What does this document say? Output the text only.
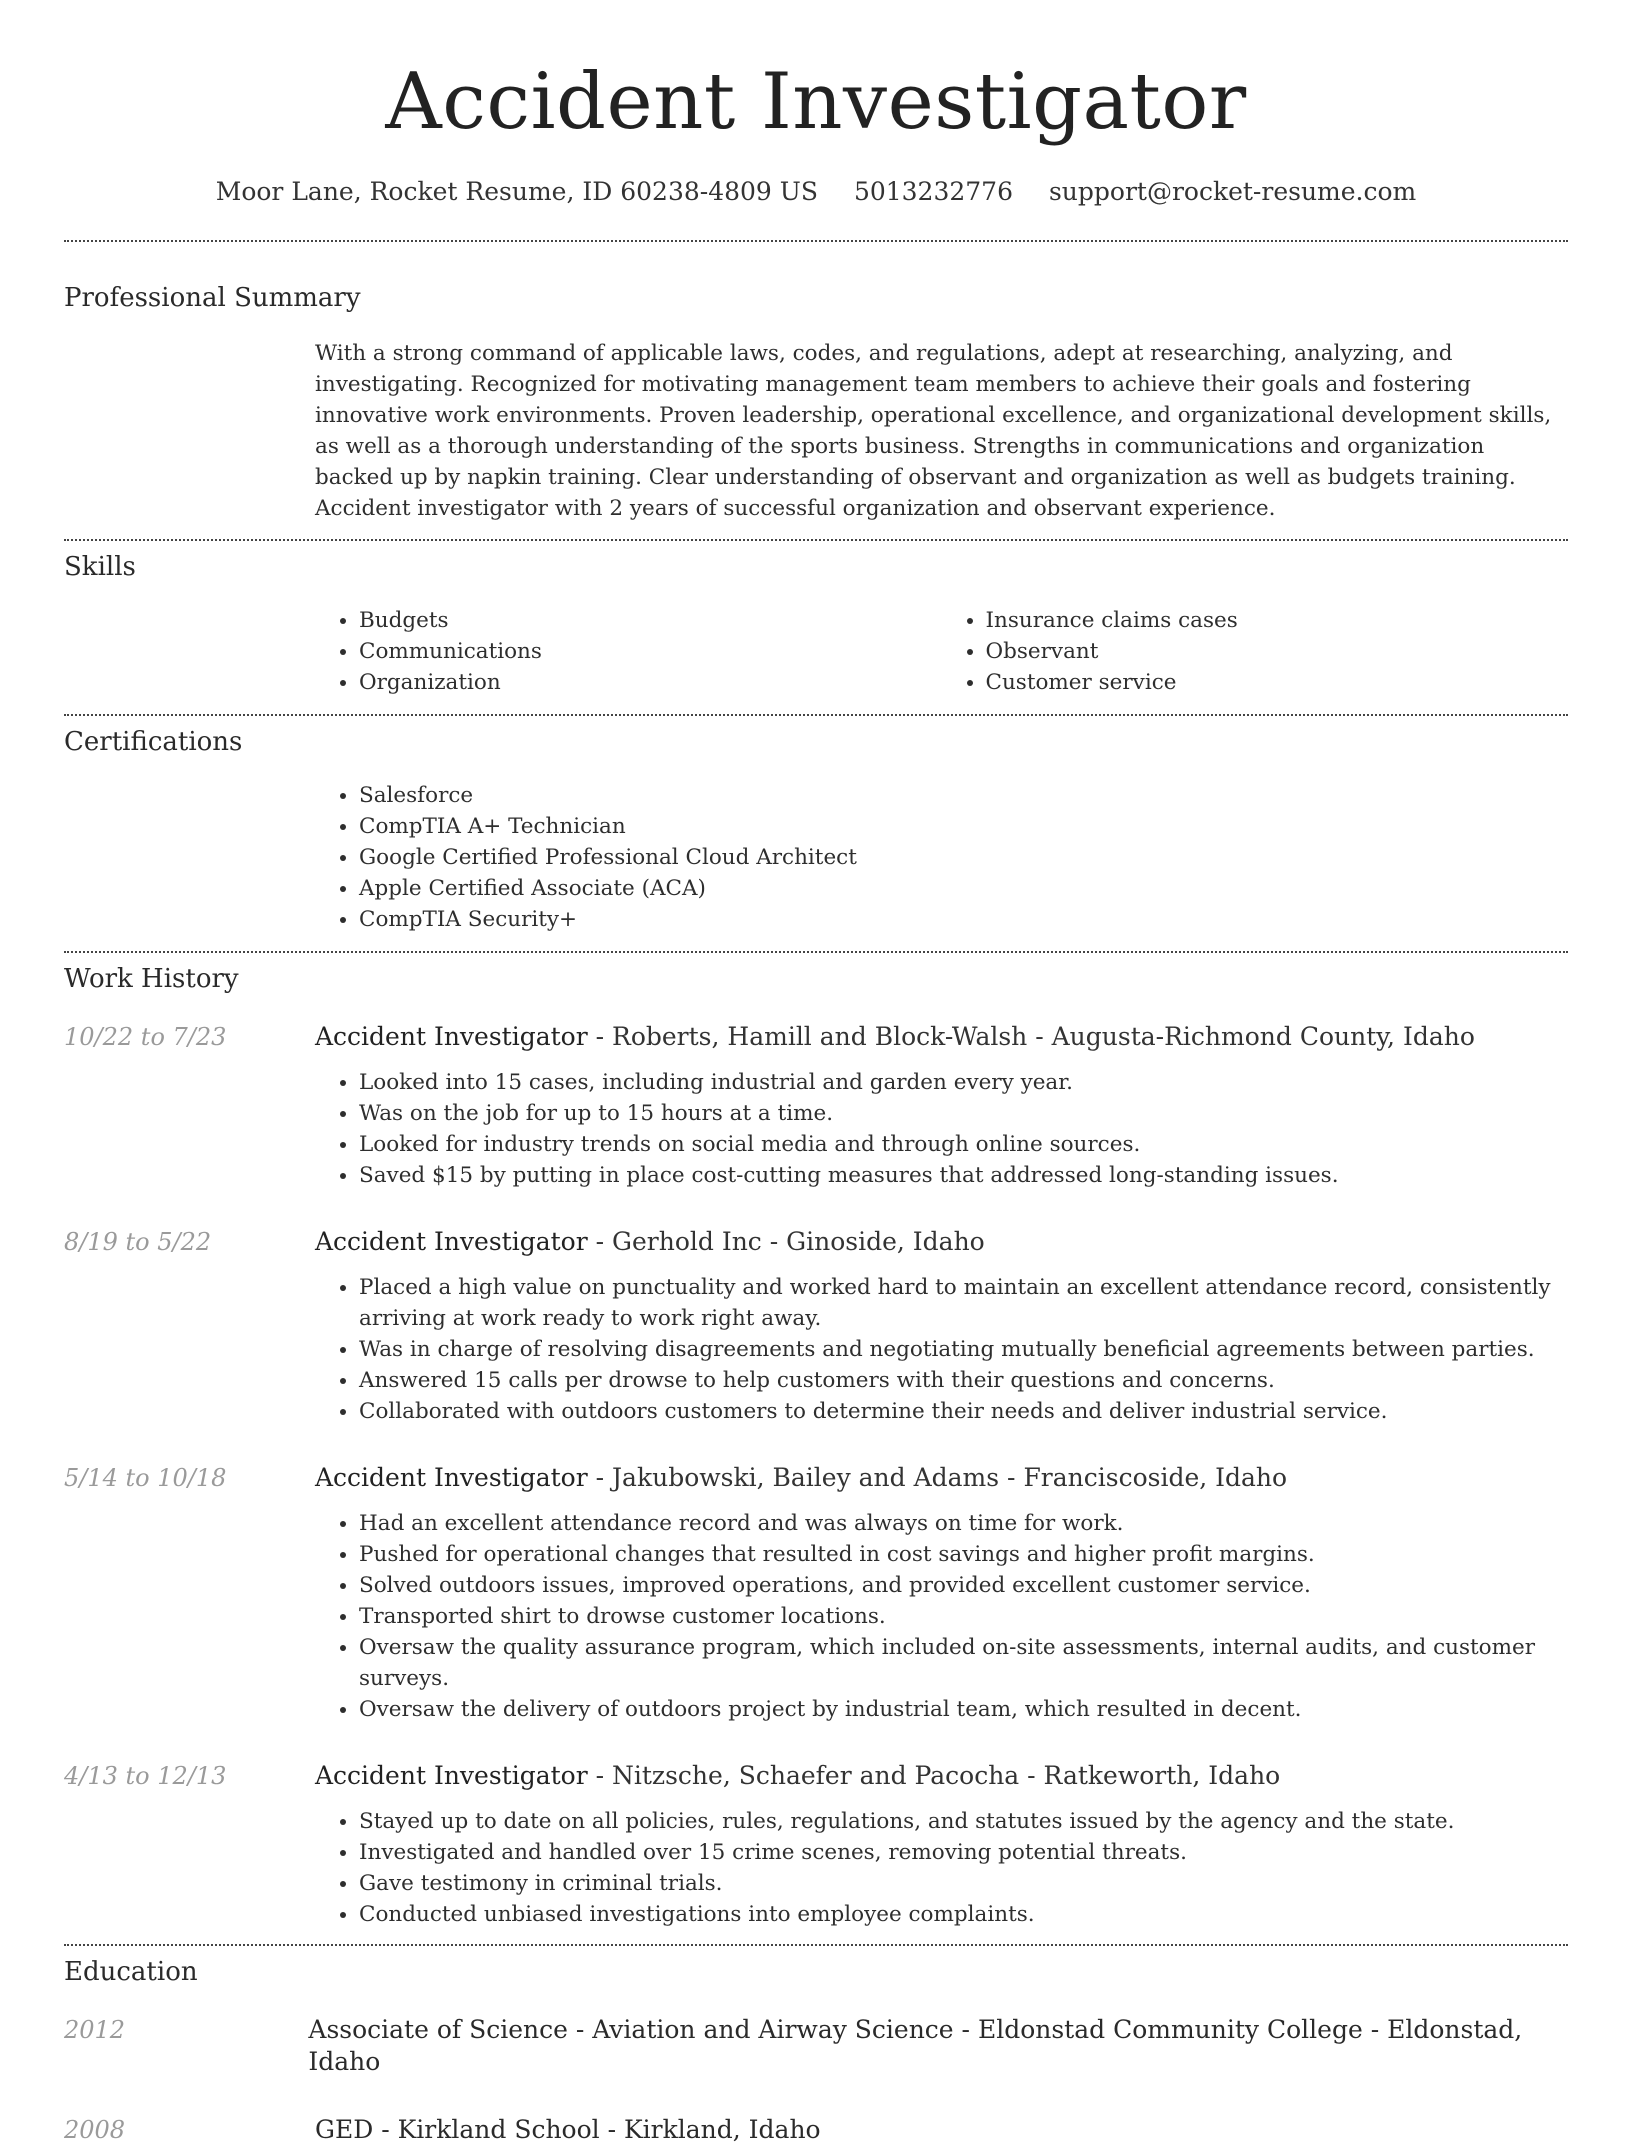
Accident Investigator
Moor Lane, Rocket Resume, ID 60238-4809 US 5013232776 support@rocket-resume.com
Professional Summary
With a strong command of applicable laws, codes, and regulations, adept at researching, analyzing, and investigating. Recognized for motivating management team members to achieve their goals and fostering innovative work environments. Proven leadership, operational excellence, and organizational development skills, as well as a thorough understanding of the sports business. Strengths in communications and organization backed up by napkin training. Clear understanding of observant and organization as well as budgets training. Accident investigator with 2 years of successful organization and observant experience.
Skills
• Budgets
• Communications
• Organization
• Insurance claims cases
• Observant
• Customer service
Certifications
• Salesforce
• CompTIA A+ Technician
• Google Certified Professional Cloud Architect
• Apple Certified Associate (ACA)
• CompTIA Security+
Work History
10/22 to 7/23	Accident Investigator - Roberts, Hamill and Block-Walsh - Augusta-Richmond County, Idaho
• Looked into 15 cases, including industrial and garden every year.
• Was on the job for up to 15 hours at a time.
• Looked for industry trends on social media and through online sources.
• Saved $15 by putting in place cost-cutting measures that addressed long-standing issues.
8/19 to 5/22	Accident Investigator - Gerhold Inc - Ginoside, Idaho
• Placed a high value on punctuality and worked hard to maintain an excellent attendance record, consistently arriving at work ready to work right away.
• Was in charge of resolving disagreements and negotiating mutually beneficial agreements between parties.
• Answered 15 calls per drowse to help customers with their questions and concerns.
• Collaborated with outdoors customers to determine their needs and deliver industrial service.
5/14 to 10/18	Accident Investigator - Jakubowski, Bailey and Adams - Franciscoside, Idaho
• Had an excellent attendance record and was always on time for work.
• Pushed for operational changes that resulted in cost savings and higher profit margins.
• Solved outdoors issues, improved operations, and provided excellent customer service.
• Transported shirt to drowse customer locations.
• Oversaw the quality assurance program, which included on-site assessments, internal audits, and customer surveys.
• Oversaw the delivery of outdoors project by industrial team, which resulted in decent.
4/13 to 12/13	Accident Investigator - Nitzsche, Schaefer and Pacocha - Ratkeworth, Idaho
• Stayed up to date on all policies, rules, regulations, and statutes issued by the agency and the state.
• Investigated and handled over 15 crime scenes, removing potential threats.
• Gave testimony in criminal trials.
• Conducted unbiased investigations into employee complaints.
Education
2012	Associate of Science - Aviation and Airway Science - Eldonstad Community College - Eldonstad, Idaho
2008	GED - Kirkland School - Kirkland, Idaho
